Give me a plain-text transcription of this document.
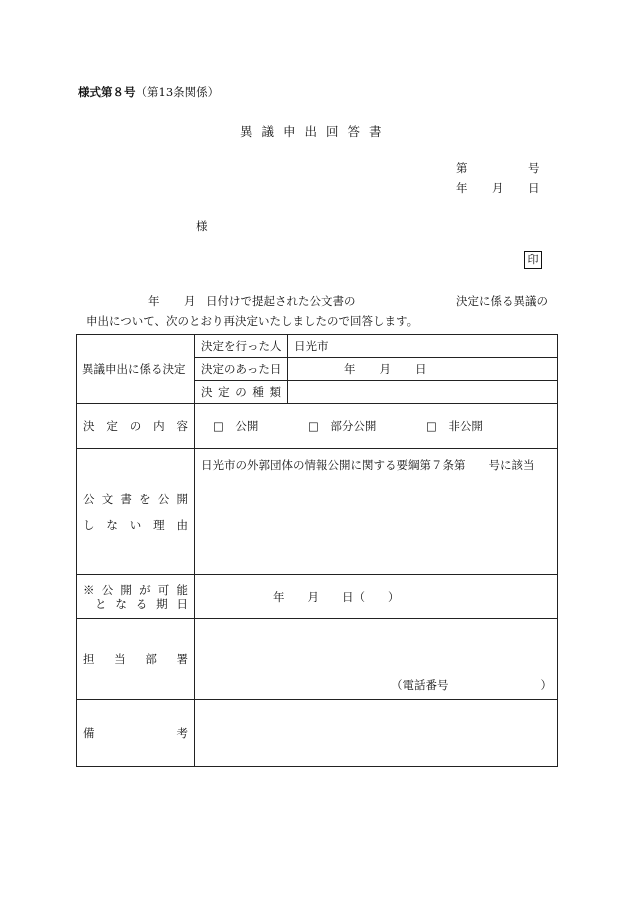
様式第８号（第13条関係）
異議申出回答書
第	号
年 月 日
様
印
年 月 日付けで提起された公文書の	決定に係る異議の
申出について、次のとおり再決定いたしましたので回答します。
異議申出に係る決定	決定を行った人	日光市
	決定のあった日	年 月 日
	決定の種類	
決定の内容	□　公開 □　部分公開 □　非公開	

公文書を公開
しない理由	日光市の外郭団体の情報公開に関する要綱第７条第　　号に該当	

※公開が可能
となる期日	年　　月　　日（　　）	
担当部署	（電話番号　　　　　　　　）	
備考		
